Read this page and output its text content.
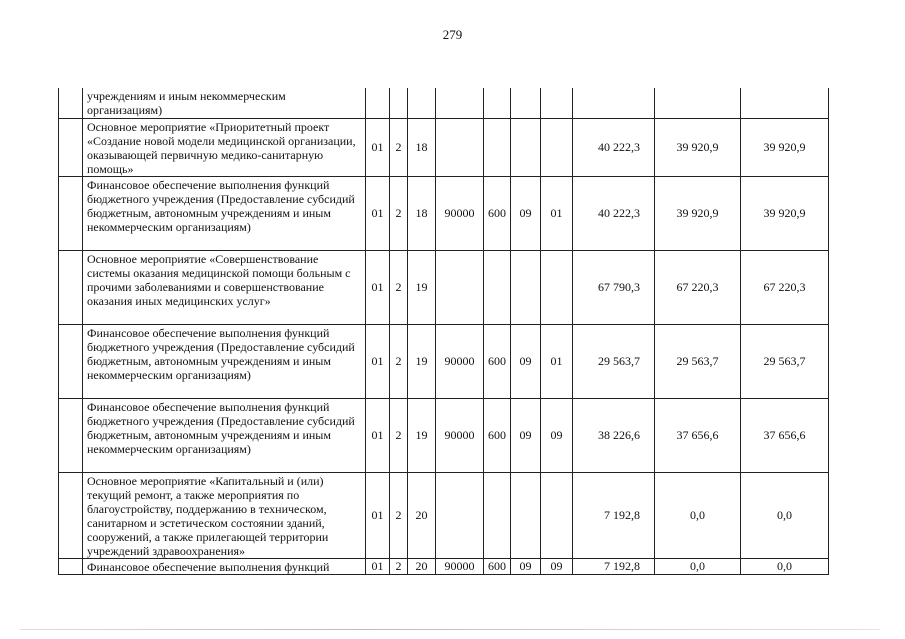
279
	учреждениям и иным некоммерческим организациям)										
	Основное мероприятие «Приоритетный проект «Создание новой модели медицинской организации, оказывающей первичную медико-санитарную помощь»	01	2	18					40 222,3	39 920,9	39 920,9
	Финансовое обеспечение выполнения функций бюджетного учреждения (Предоставление субсидий бюджетным, автономным учреждениям и иным некоммерческим организациям)	01	2	18	90000	600	09	01	40 222,3	39 920,9	39 920,9
	Основное мероприятие «Совершенствование системы оказания медицинской помощи больным с прочими заболеваниями и совершенствование оказания иных медицинских услуг»	01	2	19					67 790,3	67 220,3	67 220,3
	Финансовое обеспечение выполнения функций бюджетного учреждения (Предоставление субсидий бюджетным, автономным учреждениям и иным некоммерческим организациям)	01	2	19	90000	600	09	01	29 563,7	29 563,7	29 563,7
	Финансовое обеспечение выполнения функций бюджетного учреждения (Предоставление субсидий бюджетным, автономным учреждениям и иным некоммерческим организациям)	01	2	19	90000	600	09	09	38 226,6	37 656,6	37 656,6
	Основное мероприятие «Капитальный и (или) текущий ремонт, а также мероприятия по благоустройству, поддержанию в техническом, санитарном и эстетическом состоянии зданий, сооружений, а также прилегающей территории учреждений здравоохранения»	01	2	20					7 192,8	0,0	0,0
	Финансовое обеспечение выполнения функций	01	2	20	90000	600	09	09	7 192,8	0,0	0,0
